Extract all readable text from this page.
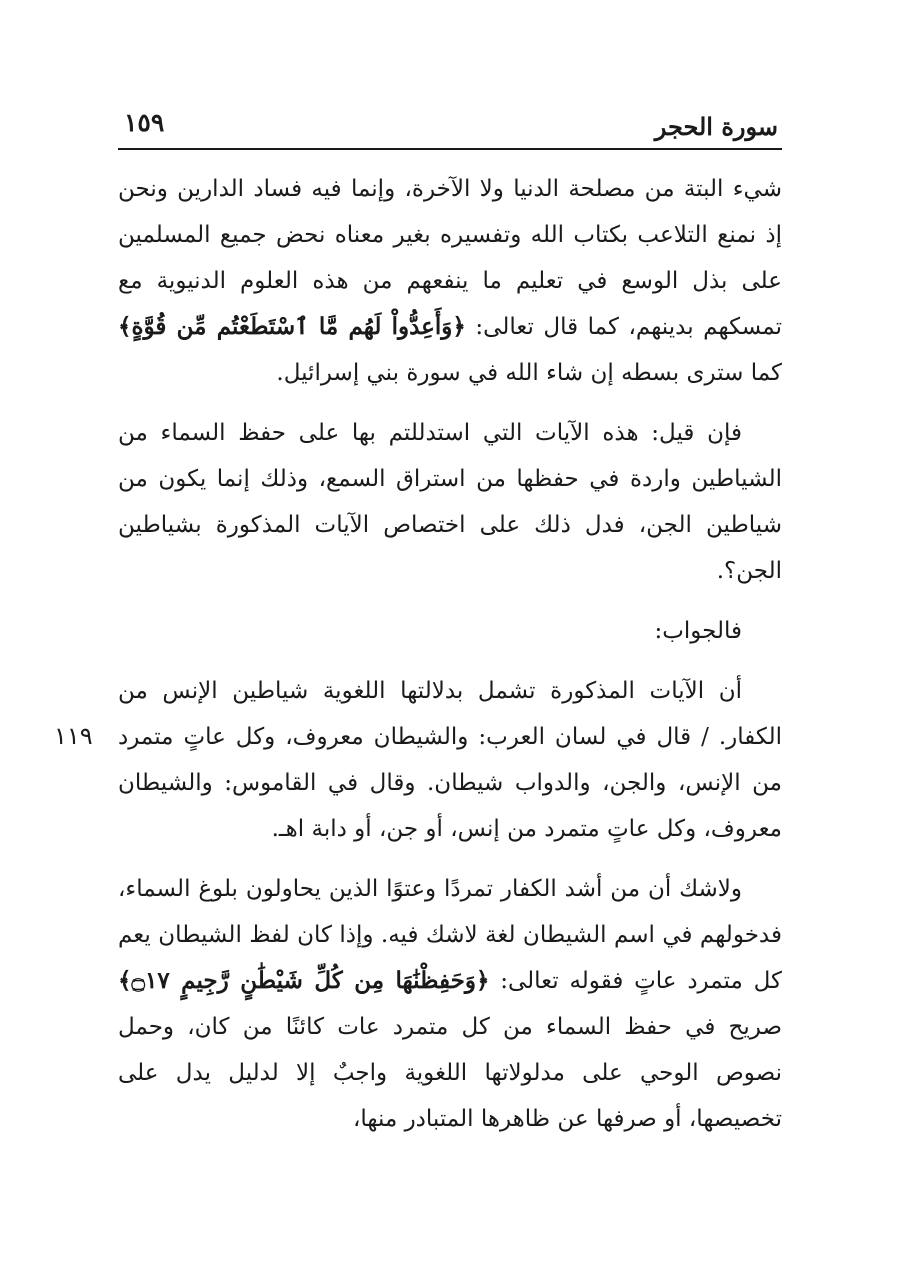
١٥٩	سورة الحجر
١١٩

شيء البتة من مصلحة الدنيا ولا الآخرة، وإنما فيه فساد الدارين ونحن إذ نمنع التلاعب بكتاب الله وتفسيره بغير معناه نحض جميع المسلمين على بذل الوسع في تعليم ما ينفعهم من هذه العلوم الدنيوية مع تمسكهم بدينهم، كما قال تعالى: ﴿وَأَعِدُّواْ لَهُم مَّا ٱسْتَطَعْتُم مِّن قُوَّةٍ﴾ كما سترى بسطه إن شاء الله في سورة بني إسرائيل.

فإن قيل: هذه الآيات التي استدللتم بها على حفظ السماء من الشياطين واردة في حفظها من استراق السمع، وذلك إنما يكون من شياطين الجن، فدل ذلك على اختصاص الآيات المذكورة بشياطين الجن؟.

فالجواب:

أن الآيات المذكورة تشمل بدلالتها اللغوية شياطين الإنس من الكفار. / قال في لسان العرب: والشيطان معروف، وكل عاتٍ متمرد من الإنس، والجن، والدواب شيطان. وقال في القاموس: والشيطان معروف، وكل عاتٍ متمرد من إنس، أو جن، أو دابة اهـ.

ولاشك أن من أشد الكفار تمردًا وعتوًا الذين يحاولون بلوغ السماء، فدخولهم في اسم الشيطان لغة لاشك فيه. وإذا كان لفظ الشيطان يعم كل متمرد عاتٍ فقوله تعالى: ﴿وَحَفِظْنَٰهَا مِن كُلِّ شَيْطَٰنٍ رَّجِيمٍ ۝١٧﴾ صريح في حفظ السماء من كل متمرد عات كائنًا من كان، وحمل نصوص الوحي على مدلولاتها اللغوية واجبٌ إلا لدليل يدل على تخصيصها، أو صرفها عن ظاهرها المتبادر منها،
